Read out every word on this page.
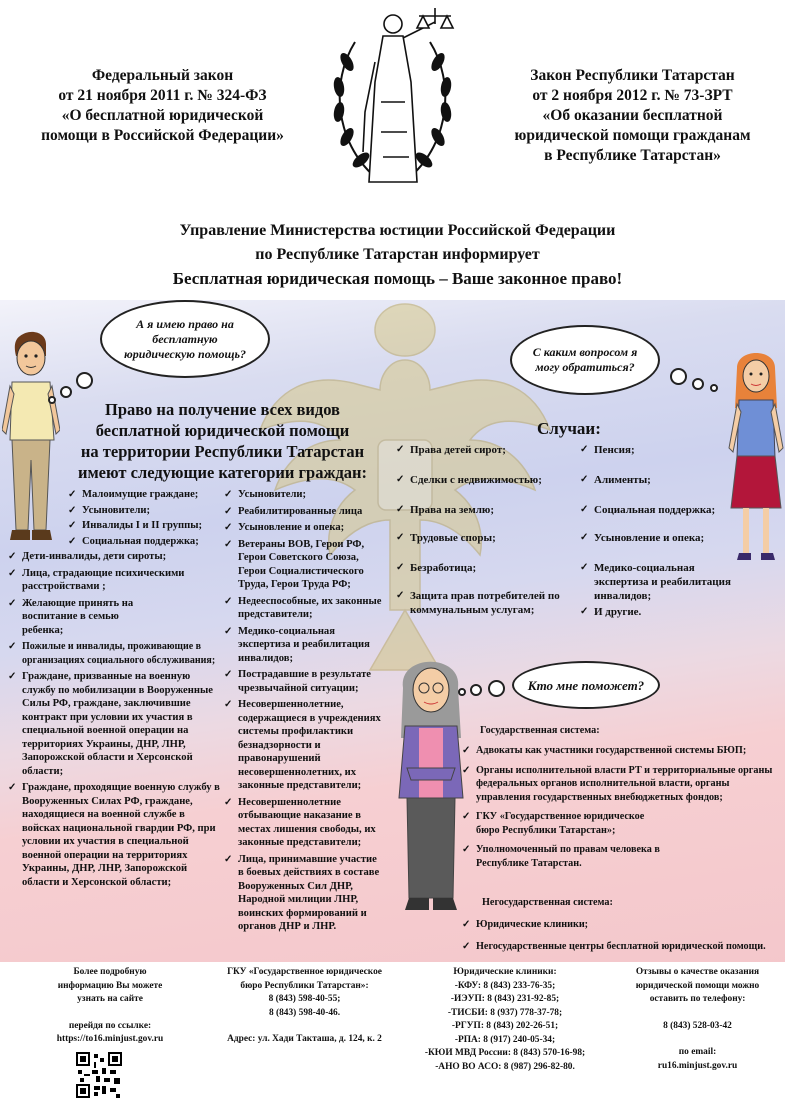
Федеральный закон
от 21 ноября 2011 г. № 324-ФЗ
«О бесплатной юридической
помощи в Российской Федерации»
Закон Республики Татарстан
от 2 ноября 2012 г. № 73-ЗРТ
«Об оказании бесплатной
юридической помощи гражданам
в Республике Татарстан»
Управление Министерства юстиции Российской Федерации
по Республике Татарстан информирует
Бесплатная юридическая помощь – Ваше законное право!
А я имею право на бесплатную юридическую помощь?	С каким вопросом я могу обратиться?
Кто мне поможет?
Право на получение всех видов
бесплатной юридической помощи
на территории Республики Татарстан
имеют следующие категории граждан:
✓ Малоимущие граждане;
✓ Усыновители;
✓ Инвалиды I и II группы;
✓ Социальная поддержка;
✓ Дети-инвалиды, дети сироты;
✓ Лица, страдающие психическими расстройствами ;
✓ Желающие принять на воспитание в семью ребенка;
✓ Пожилые и инвалиды, проживающие в организациях социального обслуживания;
✓ Граждане, призванные на военную службу по мобилизации в Вооруженные Силы РФ, граждане, заключившие контракт при условии их участия в специальной военной операции на территориях Украины, ДНР, ЛНР, Запорожской области и Херсонской области;
✓ Граждане, проходящие военную службу в Вооруженных Силах РФ, граждане, находящиеся на военной службе в войсках национальной гвардии РФ, при условии их участия в специальной военной операции на территориях Украины, ДНР, ЛНР, Запорожской области и Херсонской области;
✓ Усыновители;
✓ Реабилитированные лица
✓ Усыновление и опека;
✓ Ветераны ВОВ, Герои РФ, Герои Советского Союза, Герои Социалистического Труда, Герои Труда РФ;
✓ Недееспособные, их законные представители;
✓ Медико-социальная экспертиза и реабилитация инвалидов;
✓ Пострадавшие в результате чрезвычайной ситуации;
✓ Несовершеннолетние, содержащиеся в учреждениях системы профилактики безнадзорности и правонарушений несовершеннолетних, их законные представители;
✓ Несовершеннолетние отбывающие наказание в местах лишения свободы, их законные представители;
✓ Лица, принимавшие участие в боевых действиях в составе Вооруженных Сил ДНР, Народной милиции ЛНР, воинских формирований и органов ДНР и ЛНР.
Случаи:
✓ Права детей сирот;
✓ Сделки с недвижимостью;
✓ Права на землю;
✓ Трудовые споры;
✓ Безработица;
✓ Защита прав потребителей по коммунальным услугам;
✓ Пенсия;
✓ Алименты;
✓ Социальная поддержка;
✓ Усыновление и опека;
✓ Медико-социальная экспертиза и реабилитация инвалидов;
✓ И другие.
Государственная система:
✓ Адвокаты как участники государственной системы БЮП;
✓ Органы исполнительной власти РТ и территориальные органы федеральных органов исполнительной власти, органы управления государственных внебюджетных фондов;
✓ ГКУ «Государственное юридическое бюро Республики Татарстан»;
✓ Уполномоченный по правам человека в Республике Татарстан.
Негосударственная система:
✓ Юридические клиники;
✓ Негосударственные центры бесплатной юридической помощи.
Более подробную
информацию Вы можете
узнать на сайте
перейдя по ссылке:
https://to16.minjust.gov.ru
ГКУ «Государственное юридическое
бюро Республики Татарстан»:
8 (843) 598-40-55;
8 (843) 598-40-46.
Адрес: ул. Хади Такташа, д. 124, к. 2
Юридические клиники:
-КФУ: 8 (843) 233-76-35;
-ИЭУП: 8 (843) 231-92-85;
-ТИСБИ: 8 (937) 778-37-78;
-РГУП: 8 (843) 202-26-51;
-РПА: 8 (917) 240-05-34;
-КЮИ МВД России: 8 (843) 570-16-98;
-АНО ВО АСО: 8 (987) 296-82-80.
Отзывы о качестве оказания
юридической помощи можно
оставить по телефону:
8 (843) 528-03-42
по email:
ru16.minjust.gov.ru
